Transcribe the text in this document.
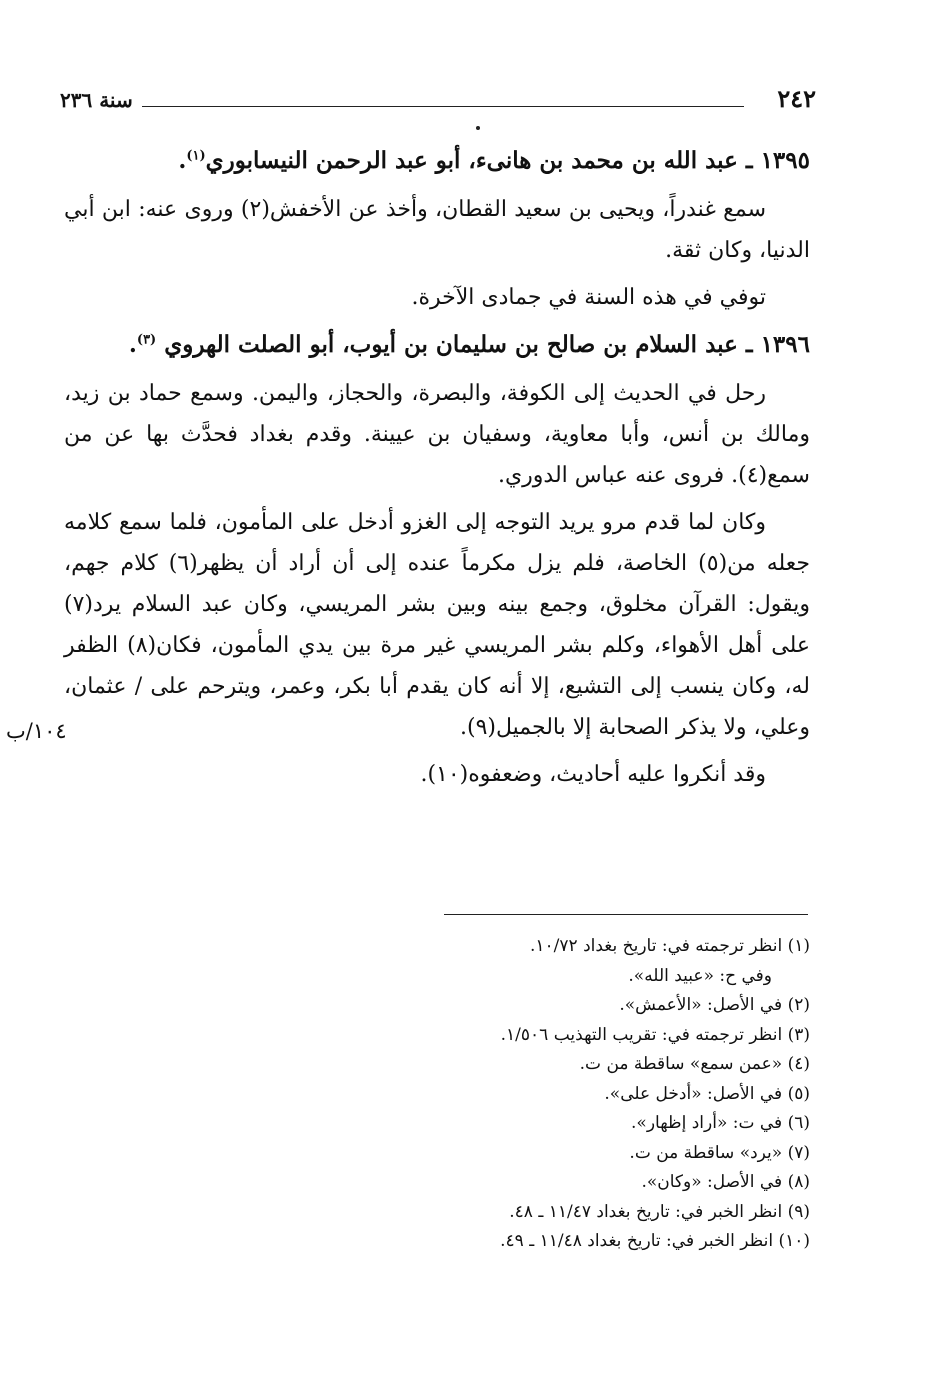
٢٤٢
سنة ٢٣٦

١٣٩٥ ـ عبد الله بن محمد بن هانىء، أبو عبد الرحمن النيسابوري$^{(١)}$.

سمع غندراً، ويحيى بن سعيد القطان، وأخذ عن الأخفش(٢) وروى عنه: ابن أبي الدنيا، وكان ثقة.

توفي في هذه السنة في جمادى الآخرة.

١٣٩٦ ـ عبد السلام بن صالح بن سليمان بن أيوب، أبو الصلت الهروي $^{(٣)}$.

رحل في الحديث إلى الكوفة، والبصرة، والحجاز، واليمن. وسمع حماد بن زيد، ومالك بن أنس، وأبا معاوية، وسفيان بن عيينة. وقدم بغداد فحدَّث بها عن من سمع(٤). فروى عنه عباس الدوري.

وكان لما قدم مرو يريد التوجه إلى الغزو أدخل على المأمون، فلما سمع كلامه جعله من(٥) الخاصة، فلم يزل مكرماً عنده إلى أن أراد أن يظهر(٦) كلام جهم، ويقول: القرآن مخلوق، وجمع بينه وبين بشر المريسي، وكان عبد السلام يرد(٧) على أهل الأهواء، وكلم بشر المريسي غير مرة بين يدي المأمون، فكان(٨) الظفر له، وكان ينسب إلى التشيع، إلا أنه كان يقدم أبا بكر، وعمر، ويترحم على / عثمان، وعلي، ولا يذكر الصحابة إلا بالجميل(٩).

وقد أنكروا عليه أحاديث، وضعفوه(١٠).

١٠٤/ب

(١) انظر ترجمته في: تاريخ بغداد ١٠/٧٢.

وفي ح: «عبيد الله».

(٢) في الأصل: «الأعمش».

(٣) انظر ترجمته في: تقريب التهذيب ١/٥٠٦.

(٤) «عمن سمع» ساقطة من ت.

(٥) في الأصل: «أدخل على».

(٦) في ت: «أراد إظهار».

(٧) «يرد» ساقطة من ت.

(٨) في الأصل: «وكان».

(٩) انظر الخبر في: تاريخ بغداد ١١/٤٧ ـ ٤٨.

(١٠) انظر الخبر في: تاريخ بغداد ١١/٤٨ ـ ٤٩.
